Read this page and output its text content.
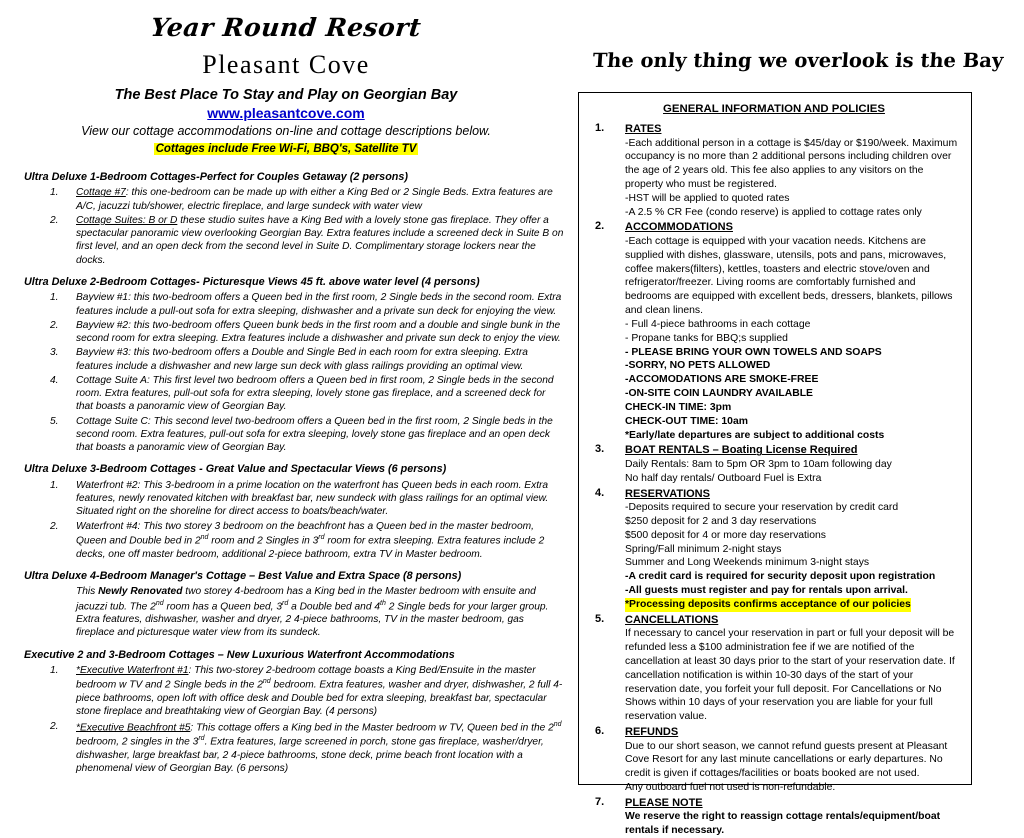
Year Round Resort
Pleasant Cove
The Best Place To Stay and Play on Georgian Bay
www.pleasantcove.com
View our cottage accommodations on-line and cottage descriptions below.
Cottages include Free Wi-Fi, BBQ's, Satellite TV
Ultra Deluxe 1-Bedroom Cottages-Perfect for Couples Getaway (2 persons)
Cottage #7: this one-bedroom can be made up with either a King Bed or 2 Single Beds. Extra features are A/C, jacuzzi tub/shower, electric fireplace, and large sundeck with water view
Cottage Suites: B or D these studio suites have a King Bed with a lovely stone gas fireplace. They offer a spectacular panoramic view overlooking Georgian Bay. Extra features include a screened deck in Suite B on first level, and an open deck from the second level in Suite D. Complimentary storage lockers near the docks.
Ultra Deluxe 2-Bedroom Cottages- Picturesque Views 45 ft. above water level (4 persons)
Bayview #1: this two-bedroom offers a Queen bed in the first room, 2 Single beds in the second room. Extra features include a pull-out sofa for extra sleeping, dishwasher and a private sun deck for enjoying the view.
Bayview #2: this two-bedroom offers Queen bunk beds in the first room and a double and single bunk in the second room for extra sleeping. Extra features include a dishwasher and private sun deck to enjoy the view.
Bayview #3: this two-bedroom offers a Double and Single Bed in each room for extra sleeping. Extra features include a dishwasher and new large sun deck with glass railings providing an optimal view.
Cottage Suite A: This first level two bedroom offers a Queen bed in first room, 2 Single beds in the second room. Extra features, pull-out sofa for extra sleeping, lovely stone gas fireplace, and a screened deck for that boasts a panoramic view of Georgian Bay.
Cottage Suite C: This second level two-bedroom offers a Queen bed in the first room, 2 Single beds in the second room. Extra features, pull-out sofa for extra sleeping, lovely stone gas fireplace and an open deck that boasts a panoramic view of Georgian Bay.
Ultra Deluxe 3-Bedroom Cottages - Great Value and Spectacular Views (6 persons)
Waterfront #2: This 3-bedroom in a prime location on the waterfront has Queen beds in each room. Extra features, newly renovated kitchen with breakfast bar, new sundeck with glass railings for an optimal view. Situated right on the shoreline for direct access to boats/beach/water.
Waterfront #4: This two storey 3 bedroom on the beachfront has a Queen bed in the master bedroom, Queen and Double bed in 2nd room and 2 Singles in 3rd room for extra sleeping. Extra features include 2 decks, one off master bedroom, additional 2-piece bathroom, extra TV in Master bedroom.
Ultra Deluxe 4-Bedroom Manager's Cottage – Best Value and Extra Space (8 persons)
This Newly Renovated two storey 4-bedroom has a King bed in the Master bedroom with ensuite and jacuzzi tub. The 2nd room has a Queen bed, 3rd a Double bed and 4th 2 Single beds for your larger group. Extra features, dishwasher, washer and dryer, 2 4-piece bathrooms, TV in the master bedroom, gas fireplace and picturesque water view from its sundeck.
Executive 2 and 3-Bedroom Cottages – New Luxurious Waterfront Accommodations
*Executive Waterfront #1: This two-storey 2-bedroom cottage boasts a King Bed/Ensuite in the master bedroom w TV and 2 Single beds in the 2nd bedroom. Extra features, washer and dryer, dishwasher, 2 full 4-piece bathrooms, open loft with office desk and Double bed for extra sleeping, breakfast bar, spectacular stone fireplace and breathtaking view of Georgian Bay. (4 persons)
*Executive Beachfront #5: This cottage offers a King bed in the Master bedroom w TV, Queen bed in the 2nd bedroom, 2 singles in the 3rd. Extra features, large screened in porch, stone gas fireplace, washer/dryer, dishwasher, large breakfast bar, 2 4-piece bathrooms, stone deck, prime beach front location with a phenomenal view of Georgian Bay. (6 persons)
The only thing we overlook is the Bay
GENERAL INFORMATION AND POLICIES
RATES
-Each additional person in a cottage is $45/day or $190/week. Maximum occupancy is no more than 2 additional persons including children over the age of 2 years old. This fee also applies to any visitors on the property who must be registered.
-HST will be applied to quoted rates
-A 2.5 % CR Fee (condo reserve) is applied to cottage rates only
ACCOMMODATIONS
-Each cottage is equipped with your vacation needs. Kitchens are supplied with dishes, glassware, utensils, pots and pans, microwaves, coffee makers(filters), kettles, toasters and electric stove/oven and refrigerator/freezer. Living rooms are comfortably furnished and bedrooms are equipped with excellent beds, dressers, blankets, pillows and clean linens.
- Full 4-piece bathrooms in each cottage
- Propane tanks for BBQ;s supplied
- PLEASE BRING YOUR OWN TOWELS AND SOAPS
-SORRY, NO PETS ALLOWED
-ACCOMODATIONS ARE SMOKE-FREE
-ON-SITE COIN LAUNDRY AVAILABLE
CHECK-IN TIME: 3pm
CHECK-OUT TIME: 10am
*Early/late departures are subject to additional costs
BOAT RENTALS – Boating License Required
Daily Rentals: 8am to 5pm OR 3pm to 10am following day
No half day rentals/ Outboard Fuel is Extra
RESERVATIONS
-Deposits required to secure your reservation by credit card
$250 deposit for 2 and 3 day reservations
$500 deposit for 4 or more day reservations
Spring/Fall minimum 2-night stays
Summer and Long Weekends minimum 3-night stays
-A credit card is required for security deposit upon registration
-All guests must register and pay for rentals upon arrival.
*Processing deposits confirms acceptance of our policies
CANCELLATIONS
If necessary to cancel your reservation in part or full your deposit will be refunded less a $100 administration fee if we are notified of the cancellation at least 30 days prior to the start of your reservation date. If cancellation notification is within 10-30 days of the start of your reservation date, you forfeit your full deposit. For Cancellations or No Shows within 10 days of your reservation you are liable for your full reservation value.
REFUNDS
Due to our short season, we cannot refund guests present at Pleasant Cove Resort for any last minute cancellations or early departures. No credit is given if cottages/facilities or boats booked are not used.
Any outboard fuel not used is non-refundable.
PLEASE NOTE
We reserve the right to reassign cottage rentals/equipment/boat rentals if necessary.
